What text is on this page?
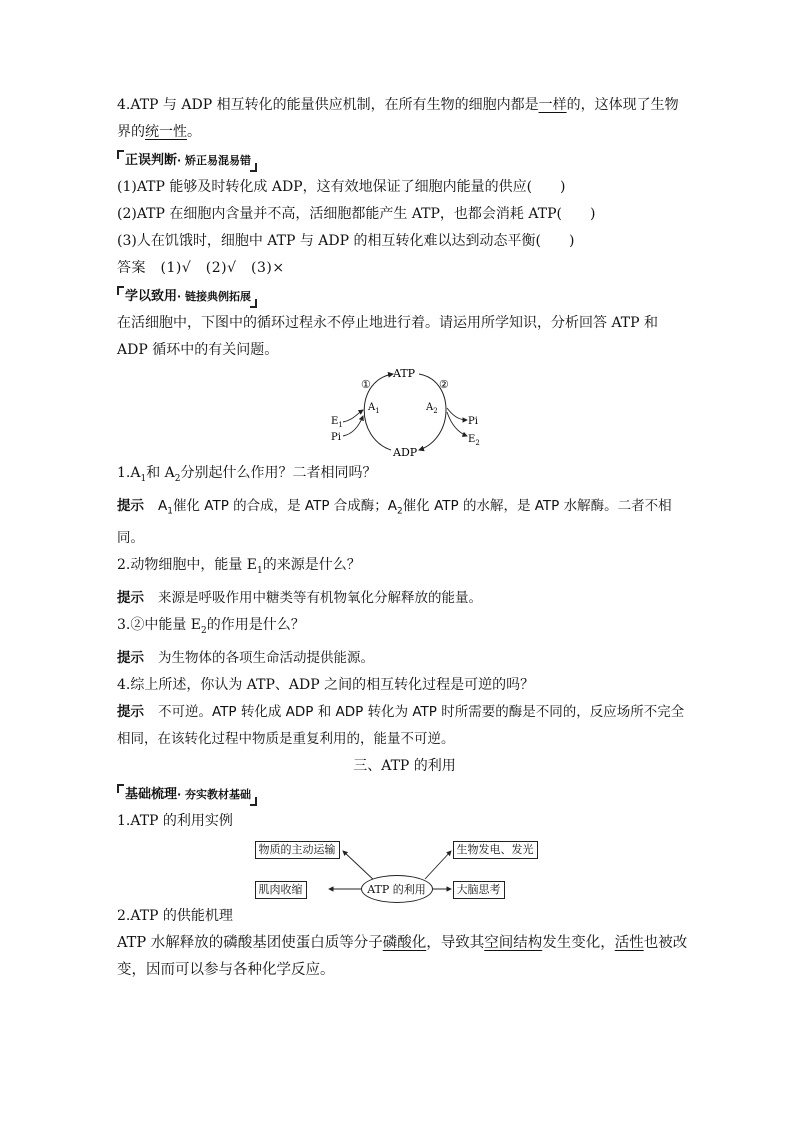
4.ATP 与 ADP 相互转化的能量供应机制，在所有生物的细胞内都是一样的，这体现了生物界的统一性。

正误判断· 矫正易混易错

(1)ATP 能够及时转化成 ADP，这有效地保证了细胞内能量的供应(　　)

(2)ATP 在细胞内含量并不高，活细胞都能产生 ATP，也都会消耗 ATP(　　)

(3)人在饥饿时，细胞中 ATP 与 ADP 的相互转化难以达到动态平衡(　　)

答案　(1)√　(2)√　(3)×

学以致用· 链接典例拓展

在活细胞中，下图中的循环过程永不停止地进行着。请运用所学知识，分析回答 ATP 和 ADP 循环中的有关问题。

ATP
ADP
①	②
$A_1$	$A_2$
$E_1$
Pi
Pi
$E_2$

$1.A_1$和 $A_2$分别起什么作用？二者相同吗？

提示 $A_1$催化 ATP 的合成，是 ATP 合成酶；$A_2$催化 ATP 的水解，是 ATP 水解酶。二者不相同。

2.动物细胞中，能量 $E_1$的来源是什么？

提示 来源是呼吸作用中糖类等有机物氧化分解释放的能量。

3.②中能量 $E_2$的作用是什么？

提示 为生物体的各项生命活动提供能源。

4.综上所述，你认为 ATP、ADP 之间的相互转化过程是可逆的吗？

提示 不可逆。ATP 转化成 ADP 和 ADP 转化为 ATP 时所需要的酶是不同的，反应场所不完全相同，在该转化过程中物质是重复利用的，能量不可逆。

三、ATP 的利用

基础梳理· 夯实教材基础

1.ATP 的利用实例

物质的主动运输	生物发电、发光
肌肉收缩	大脑思考
ATP 的利用

2.ATP 的供能机理

ATP 水解释放的磷酸基团使蛋白质等分子磷酸化，导致其空间结构发生变化，活性也被改变，因而可以参与各种化学反应。
